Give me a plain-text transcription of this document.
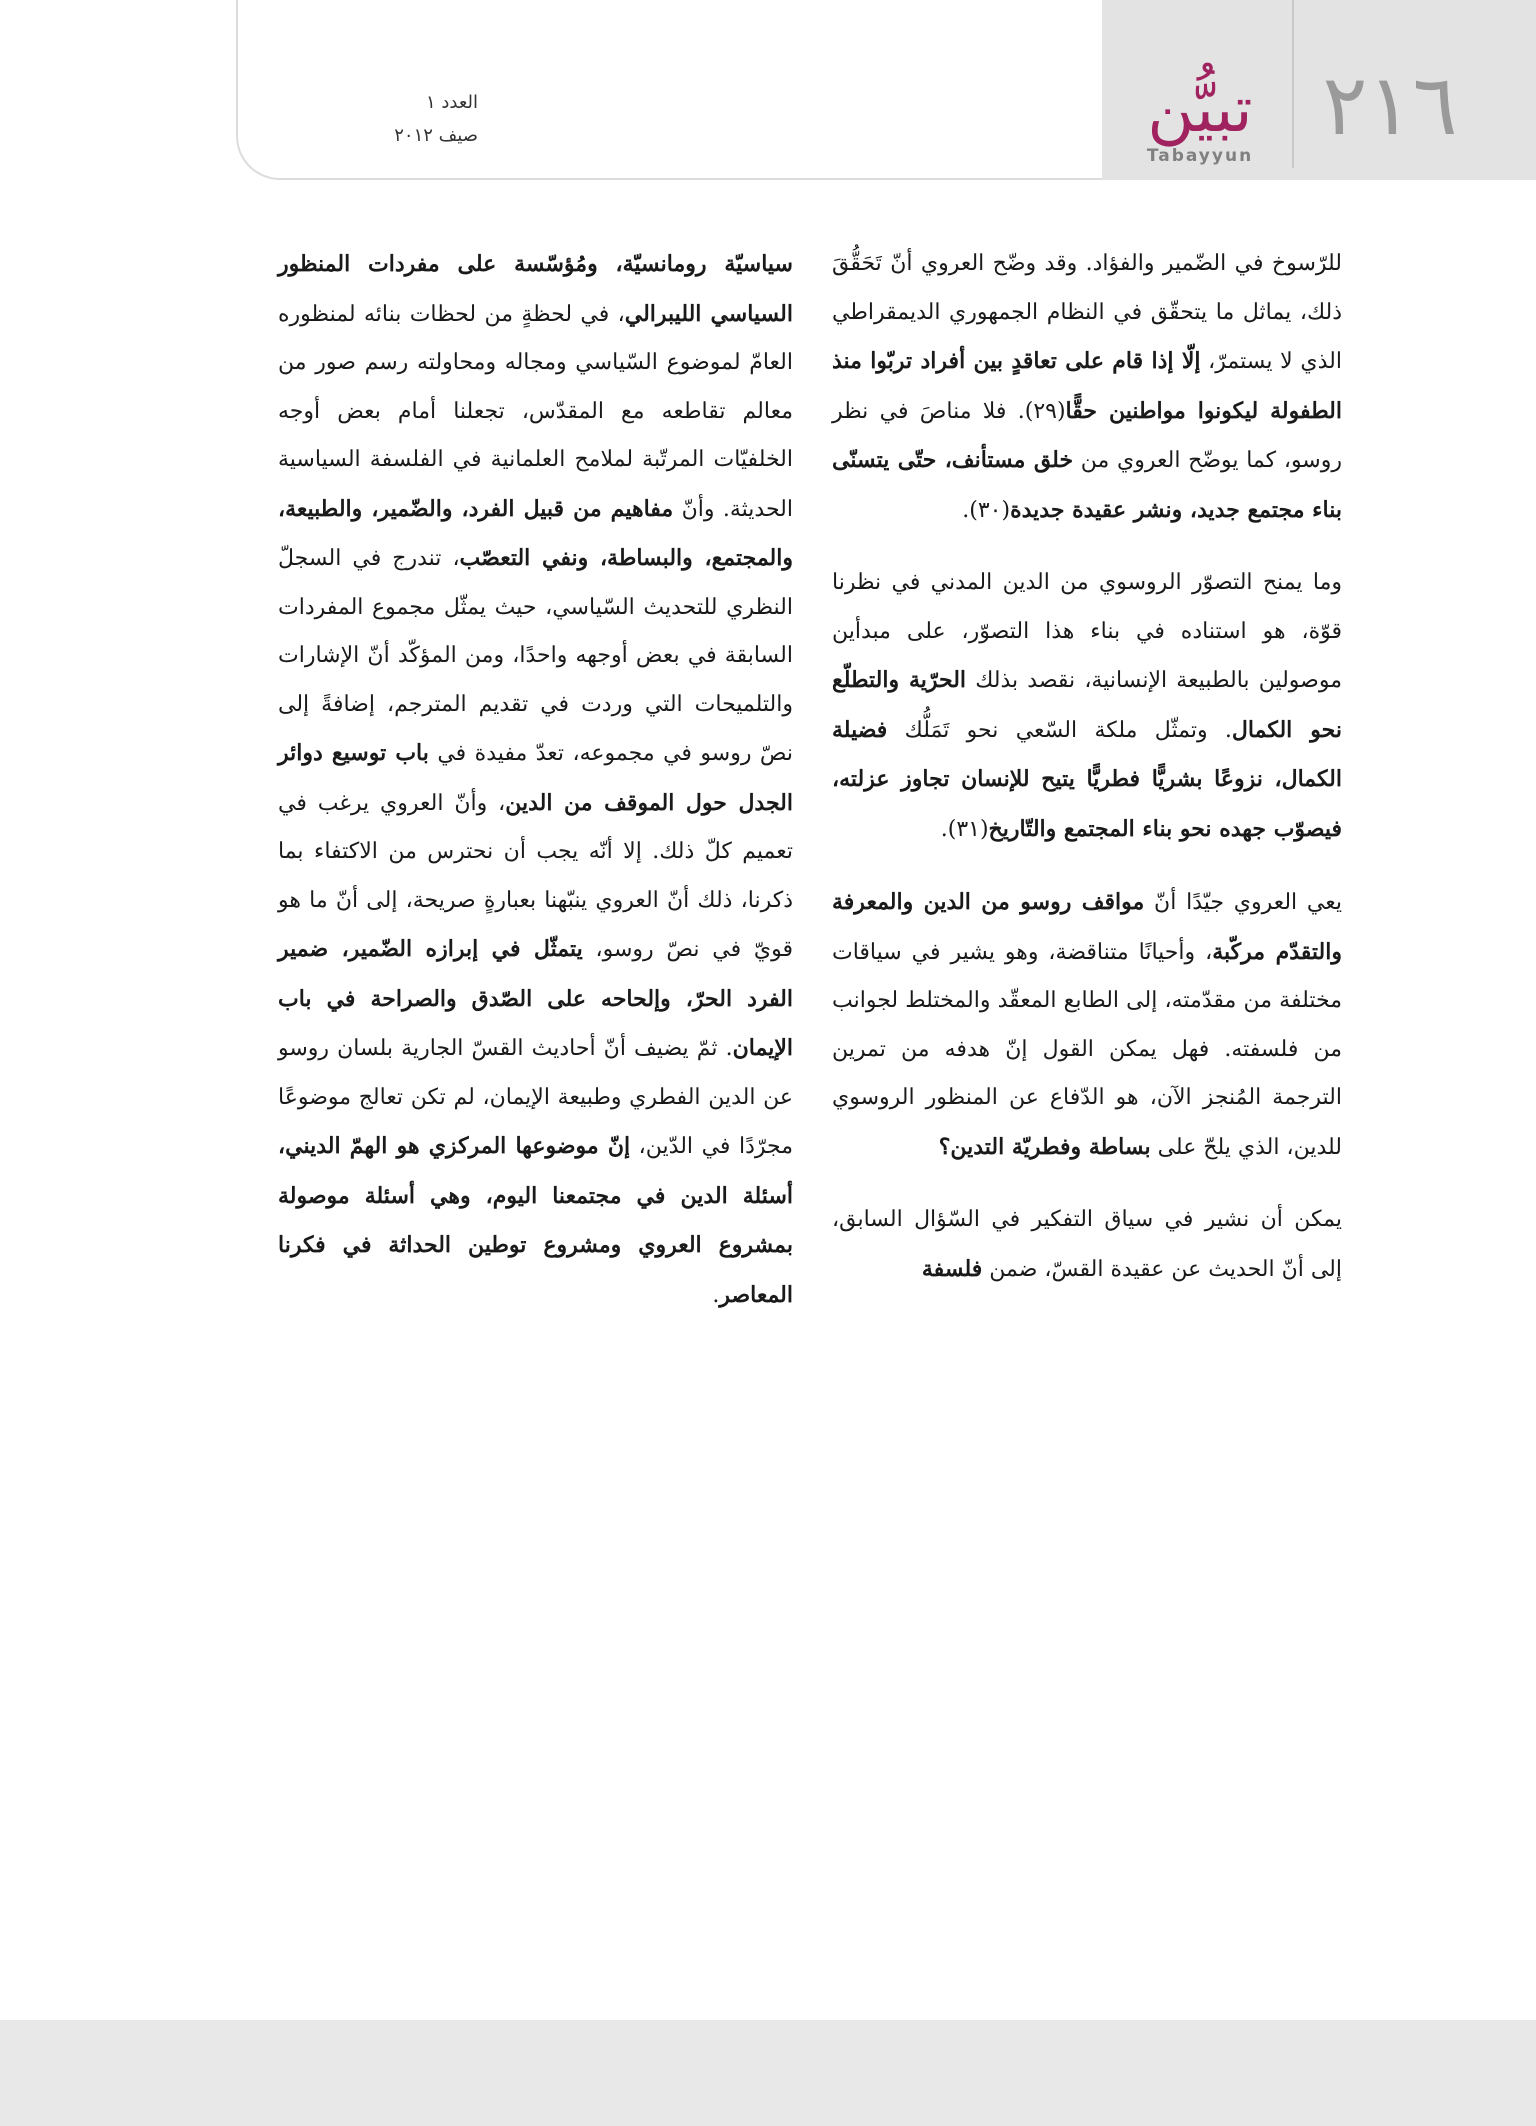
٢١٦
تبيُّن
Tabayyun
العدد ١
صيف ٢٠١٢

للرّسوخ في الضّمير والفؤاد. وقد وضّح العروي أنّ تَحَقُّقَ ذلك، يماثل ما يتحقّق في النظام الجمهوري الديمقراطي الذي لا يستمرّ، إلّا إذا قام على تعاقدٍ بين أفراد تربّوا منذ الطفولة ليكونوا مواطنين حقًّا(٢٩). فلا مناصَ في نظر روسو، كما يوضّح العروي من خلق مستأنف، حتّى يتسنّى بناء مجتمع جديد، ونشر عقيدة جديدة(٣٠).

وما يمنح التصوّر الروسوي من الدين المدني في نظرنا قوّة، هو استناده في بناء هذا التصوّر، على مبدأين موصولين بالطبيعة الإنسانية، نقصد بذلك الحرّية والتطلّع نحو الكمال. وتمثّل ملكة السّعي نحو تَمَلُّك فضيلة الكمال، نزوعًا بشريًّا فطريًّا يتيح للإنسان تجاوز عزلته، فيصوّب جهده نحو بناء المجتمع والتّاريخ(٣١).

يعي العروي جيّدًا أنّ مواقف روسو من الدين والمعرفة والتقدّم مركّبة، وأحيانًا متناقضة، وهو يشير في سياقات مختلفة من مقدّمته، إلى الطابع المعقّد والمختلط لجوانب من فلسفته. فهل يمكن القول إنّ هدفه من تمرين الترجمة المُنجز الآن، هو الدّفاع عن المنظور الروسوي للدين، الذي يلحّ على بساطة وفطريّة التدين؟

يمكن أن نشير في سياق التفكير في السّؤال السابق، إلى أنّ الحديث عن عقيدة القسّ، ضمن فلسفة

سياسيّة رومانسيّة، ومُؤسّسة على مفردات المنظور السياسي الليبرالي، في لحظةٍ من لحظات بنائه لمنظوره العامّ لموضوع السّياسي ومجاله ومحاولته رسم صور من معالم تقاطعه مع المقدّس، تجعلنا أمام بعض أوجه الخلفيّات المرتّبة لملامح العلمانية في الفلسفة السياسية الحديثة. وأنّ مفاهيم من قبيل الفرد، والضّمير، والطبيعة، والمجتمع، والبساطة، ونفي التعصّب، تندرج في السجلّ النظري للتحديث السّياسي، حيث يمثّل مجموع المفردات السابقة في بعض أوجهه واحدًا، ومن المؤكّد أنّ الإشارات والتلميحات التي وردت في تقديم المترجم، إضافةً إلى نصّ روسو في مجموعه، تعدّ مفيدة في باب توسيع دوائر الجدل حول الموقف من الدين، وأنّ العروي يرغب في تعميم كلّ ذلك. إلا أنّه يجب أن نحترس من الاكتفاء بما ذكرنا، ذلك أنّ العروي ينبّهنا بعبارةٍ صريحة، إلى أنّ ما هو قويّ في نصّ روسو، يتمثّل في إبرازه الضّمير، ضمير الفرد الحرّ، وإلحاحه على الصّدق والصراحة في باب الإيمان. ثمّ يضيف أنّ أحاديث القسّ الجارية بلسان روسو عن الدين الفطري وطبيعة الإيمان، لم تكن تعالج موضوعًا مجرّدًا في الدّين، إنّ موضوعها المركزي هو الهمّ الديني، أسئلة الدين في مجتمعنا اليوم، وهي أسئلة موصولة بمشروع العروي ومشروع توطين الحداثة في فكرنا المعاصر.
